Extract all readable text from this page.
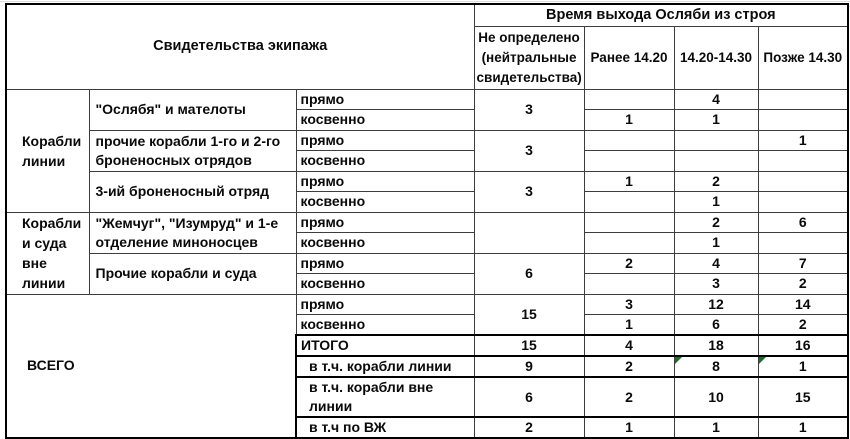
Свидетельства экипажа			Время выхода Осляби из строя			
			Не определено (нейтральные свидетельства)	Ранее 14.20	14.20-14.30	Позже 14.30
Корабли линии	"Ослябя" и мателоты	прямо	3		4	
		косвенно		1	1	
	прочие корабли 1-го и 2-го броненосных отрядов	прямо	3			1
		косвенно				
	3-ий броненосный отряд	прямо	3	1	2	
		косвенно			1	
Корабли и суда вне линии	"Жемчуг", "Изумруд" и 1-е отделение миноносцев	прямо			2	6
		косвенно			1	
	Прочие корабли и суда	прямо	6	2	4	7
		косвенно			3	2
ВСЕГО		прямо	15	3	12	14
		косвенно		1	6	2
		ИТОГО	15	4	18	16
		в т.ч. корабли линии	9	2	8	1
		в т.ч. корабли вне линии	6	2	10	15
		в т.ч по ВЖ	2	1	1	1
